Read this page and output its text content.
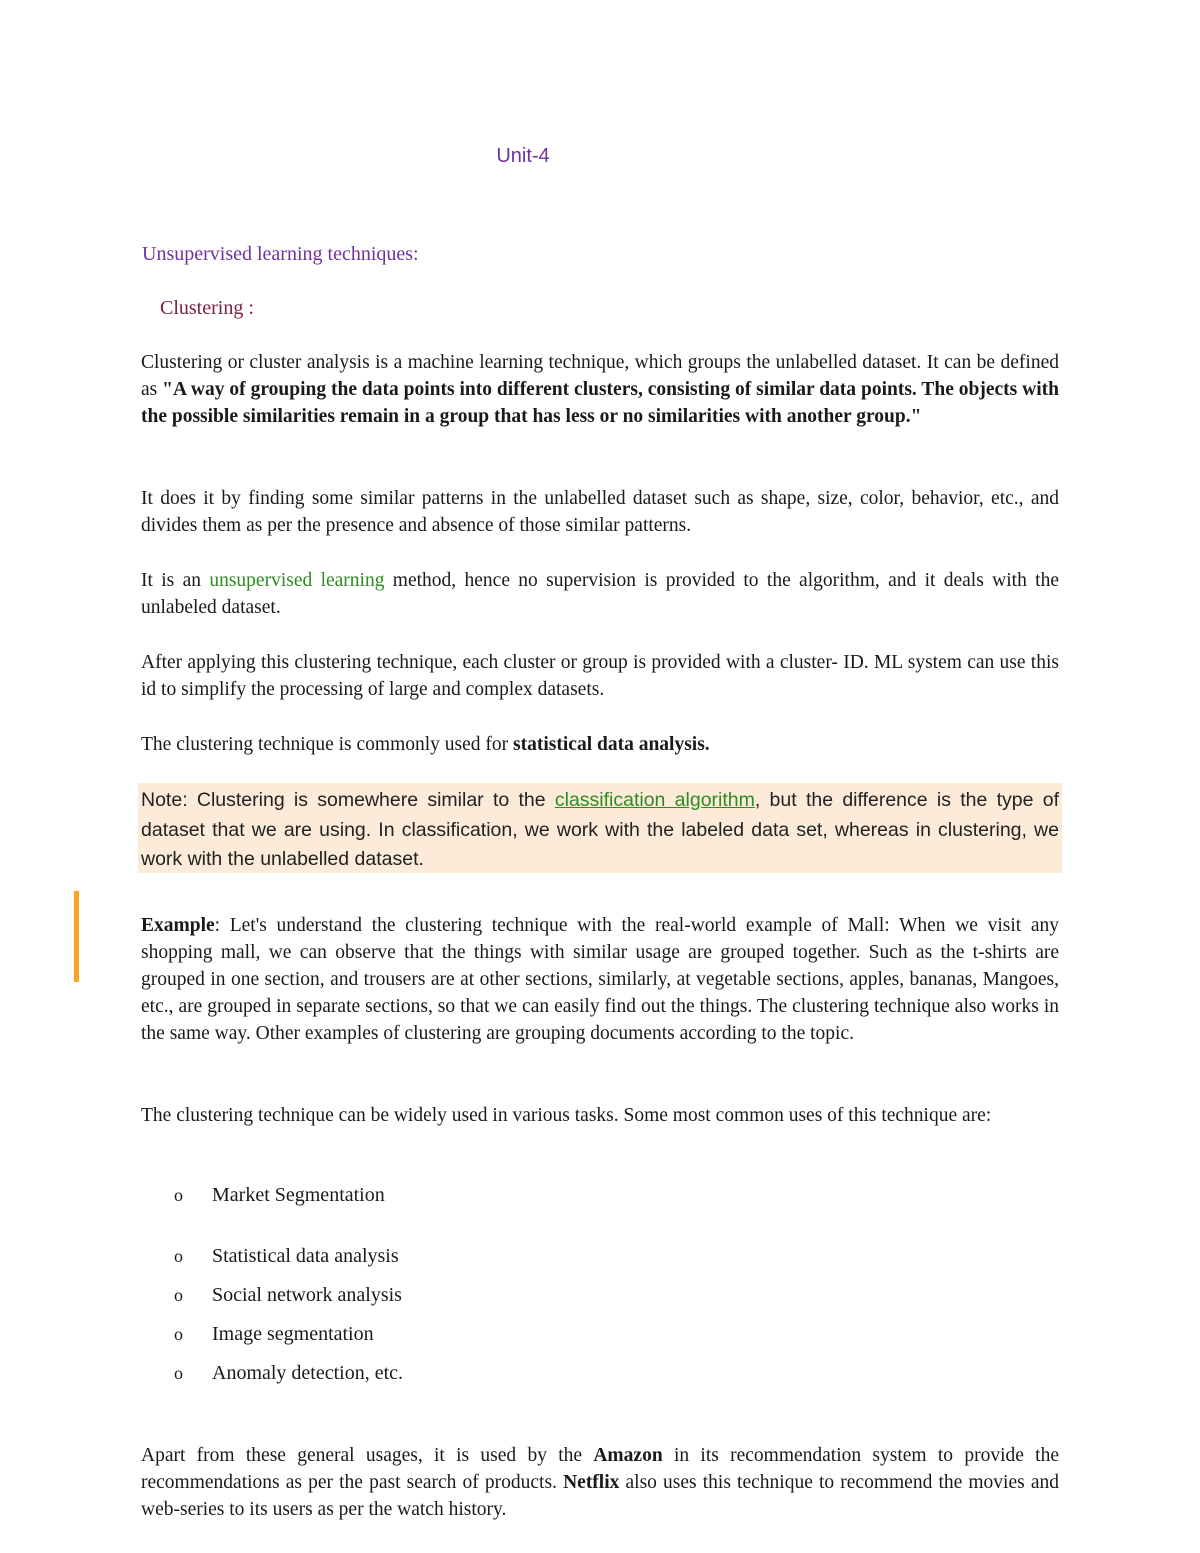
Unit-4
Unsupervised learning techniques:
Clustering :
Clustering or cluster analysis is a machine learning technique, which groups the unlabelled dataset. It can be defined as "A way of grouping the data points into different clusters, consisting of similar data points. The objects with the possible similarities remain in a group that has less or no similarities with another group."
It does it by finding some similar patterns in the unlabelled dataset such as shape, size, color, behavior, etc., and divides them as per the presence and absence of those similar patterns.
It is an unsupervised learning method, hence no supervision is provided to the algorithm, and it deals with the unlabeled dataset.
After applying this clustering technique, each cluster or group is provided with a cluster- ID. ML system can use this id to simplify the processing of large and complex datasets.
The clustering technique is commonly used for statistical data analysis.
Note: Clustering is somewhere similar to the classification algorithm, but the difference is the type of dataset that we are using. In classification, we work with the labeled data set, whereas in clustering, we work with the unlabelled dataset.
Example: Let's understand the clustering technique with the real-world example of Mall: When we visit any shopping mall, we can observe that the things with similar usage are grouped together. Such as the t-shirts are grouped in one section, and trousers are at other sections, similarly, at vegetable sections, apples, bananas, Mangoes, etc., are grouped in separate sections, so that we can easily find out the things. The clustering technique also works in the same way. Other examples of clustering are grouping documents according to the topic.
The clustering technique can be widely used in various tasks. Some most common uses of this technique are:
o Market Segmentation
o Statistical data analysis
o Social network analysis
o Image segmentation
o Anomaly detection, etc.
Apart from these general usages, it is used by the Amazon in its recommendation system to provide the recommendations as per the past search of products. Netflix also uses this technique to recommend the movies and web-series to its users as per the watch history.
